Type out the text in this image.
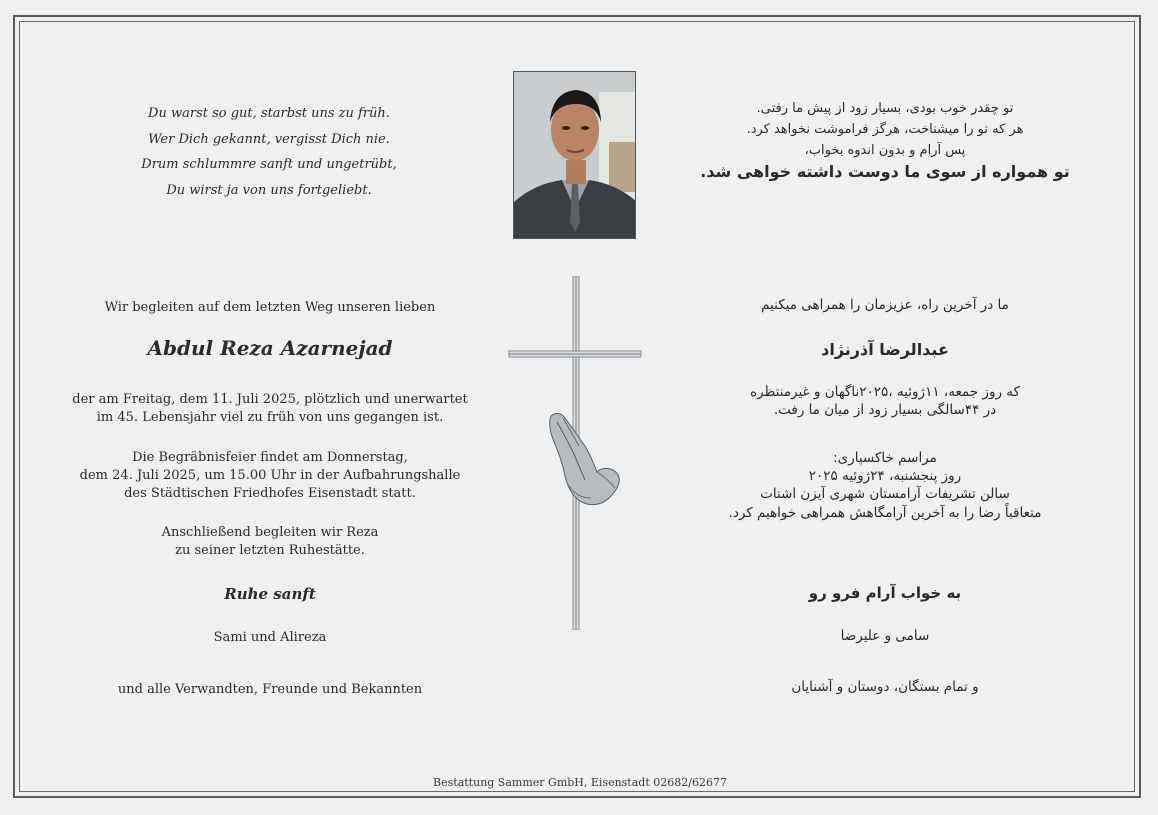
Du warst so gut, starbst uns zu früh.
Wer Dich gekannt, vergisst Dich nie.
Drum schlummre sanft und ungetrübt,
Du wirst ja von uns fortgeliebt.
تو چقدر خوب بودی، بسیار زود از پیش ما رفتی.
هر که تو را میشناخت، هرگز فراموشت نخواهد کرد.
پس آرام و بدون اندوه بخواب،
تو همواره از سوی ما دوست داشته خواهی شد.
Wir begleiten auf dem letzten Weg unseren lieben
Abdul Reza Azarnejad
der am Freitag, dem 11. Juli 2025, plötzlich und unerwartet
im 45. Lebensjahr viel zu früh von uns gegangen ist.
Die Begräbnisfeier findet am Donnerstag,
dem 24. Juli 2025, um 15.00 Uhr in der Aufbahrungshalle
des Städtischen Friedhofes Eisenstadt statt.
Anschließend begleiten wir Reza
zu seiner letzten Ruhestätte.
Ruhe sanft
Sami und Alireza
und alle Verwandten, Freunde und Bekannten
ما در آخرین راه، عزیزمان را همراهی میکنیم
عبدالرضا آذرنژاد
که روز جمعه، ۱۱ژوئیه ،۲۰۲۵ناگهان و غیرمنتظره
در ۴۴سالگی بسیار زود از میان ما رفت.
مراسم خاکسپاری:
روز پنجشنبه، ۲۴ژوئیه ۲۰۲۵
سالن تشریفات آرامستان شهری آیزن اشتات
متعاقباً رضا را به آخرین آرامگاهش همراهی خواهیم کرد.
به خواب آرام فرو رو
سامی و علیرضا
و تمام بستگان، دوستان و آشنایان
Bestattung Sammer GmbH, Eisenstadt 02682/62677
